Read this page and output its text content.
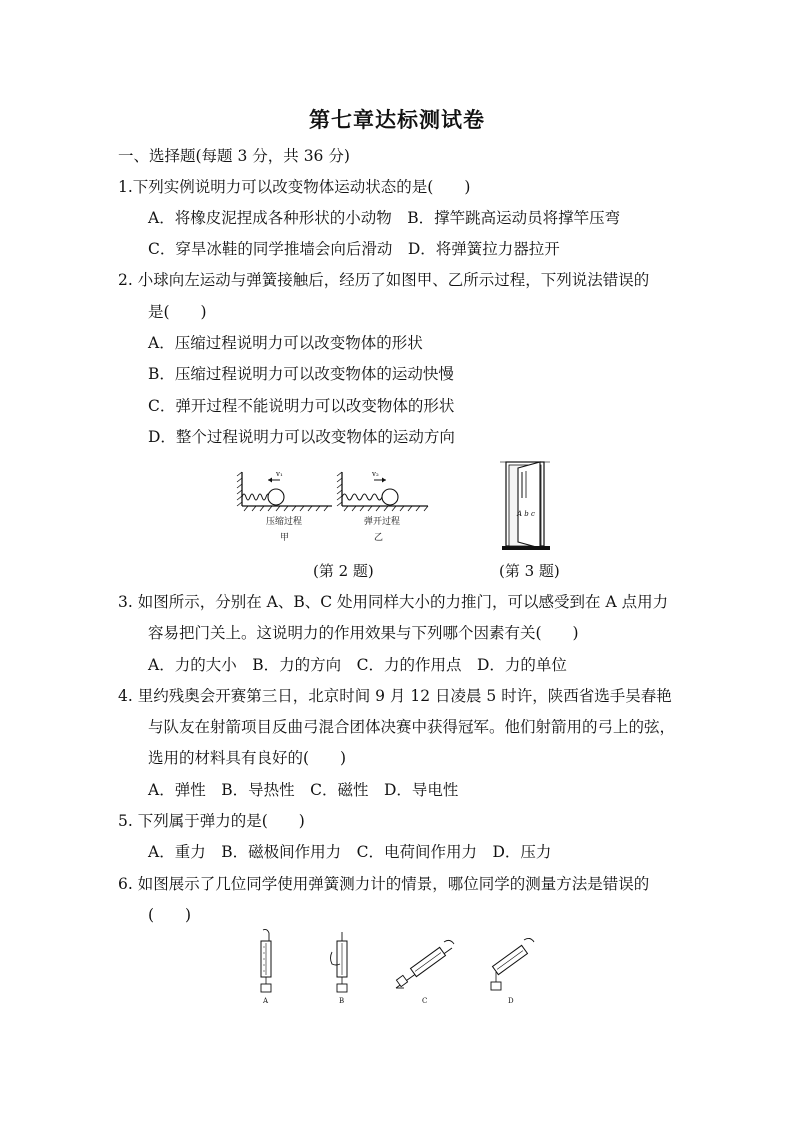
第七章达标测试卷
一、选择题(每题 3 分，共 36 分)
1.下列实例说明力可以改变物体运动状态的是(　　)
A．将橡皮泥捏成各种形状的小动物　B．撑竿跳高运动员将撑竿压弯
C．穿旱冰鞋的同学推墙会向后滑动　D．将弹簧拉力器拉开
2. 小球向左运动与弹簧接触后，经历了如图甲、乙所示过程，下列说法错误的
是(　　)
A．压缩过程说明力可以改变物体的形状
B．压缩过程说明力可以改变物体的运动快慢
C．弹开过程不能说明力可以改变物体的形状
D．整个过程说明力可以改变物体的运动方向
v₁
压缩过程
甲
v₂
弹开过程
乙
A b c
(第 2 题)	(第 3 题)
3. 如图所示，分别在 A、B、C 处用同样大小的力推门，可以感受到在 A 点用力
容易把门关上。这说明力的作用效果与下列哪个因素有关(　　)
A．力的大小　B．力的方向　C．力的作用点　D．力的单位
4. 里约残奥会开赛第三日，北京时间 9 月 12 日凌晨 5 时许，陕西省选手吴春艳
与队友在射箭项目反曲弓混合团体决赛中获得冠军。他们射箭用的弓上的弦，
选用的材料具有良好的(　　)
A．弹性　B．导热性　C．磁性　D．导电性
5. 下列属于弹力的是(　　)
A．重力　B．磁极间作用力　C．电荷间作用力　D．压力
6. 如图展示了几位同学使用弹簧测力计的情景，哪位同学的测量方法是错误的
(　　)
A	B	C	D
